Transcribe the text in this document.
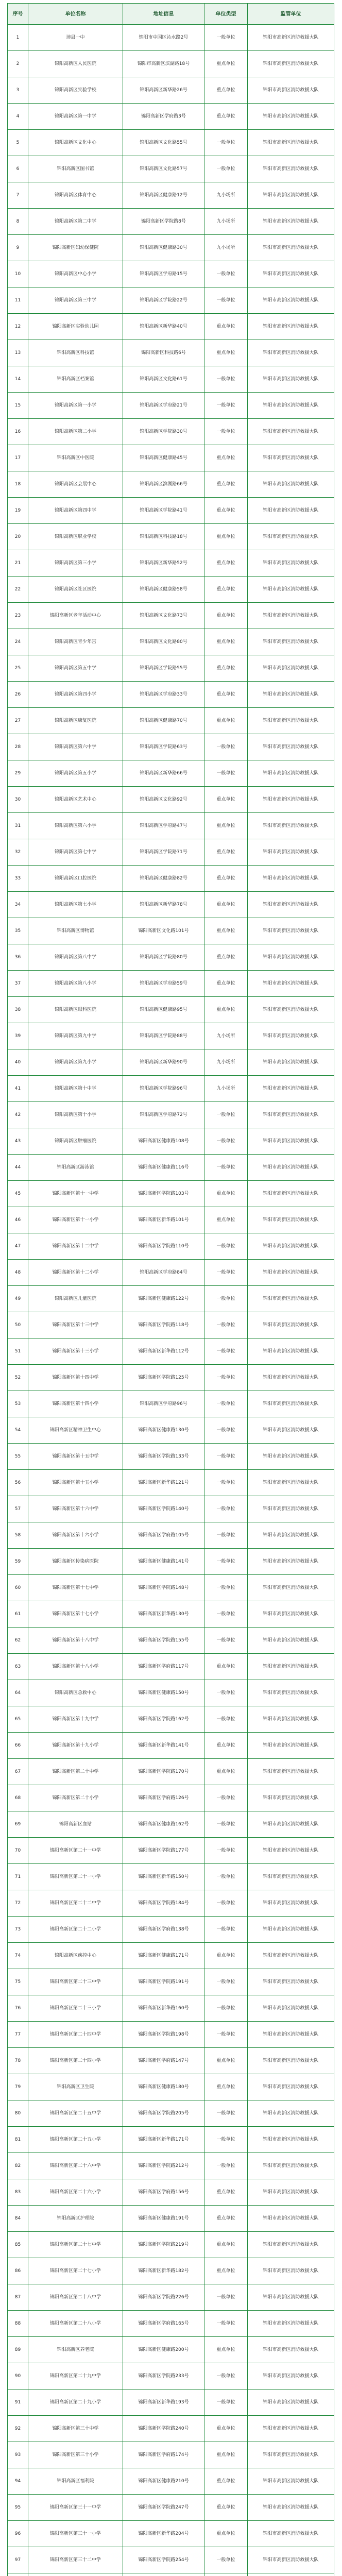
序号	单位名称	地址信息	单位类型	监管单位
1	沛县一中	锦阳市中国区沁水路2号	一般单位	锦阳市高新区消防救援大队
2	锦阳高新区人民医院	锦阳市高新区滨湖路18号	重点单位	锦阳市高新区消防救援大队
3	锦阳高新区实验学校	锦阳高新区新华路26号	重点单位	锦阳市高新区消防救援大队
4	锦阳高新区第一中学	锦阳高新区学府路3号	重点单位	锦阳市高新区消防救援大队
5	锦阳高新区文化中心	锦阳高新区文化路55号	一般单位	锦阳市高新区消防救援大队
6	锦阳高新区图书馆	锦阳高新区文化路57号	一般单位	锦阳市高新区消防救援大队
7	锦阳高新区体育中心	锦阳高新区健康路12号	九小场所	锦阳市高新区消防救援大队
8	锦阳高新区第二中学	锦阳高新区学院路8号	九小场所	锦阳市高新区消防救援大队
9	锦阳高新区妇幼保健院	锦阳高新区健康路30号	九小场所	锦阳市高新区消防救援大队
10	锦阳高新区中心小学	锦阳高新区学府路15号	一般单位	锦阳市高新区消防救援大队
11	锦阳高新区第三中学	锦阳高新区学院路22号	一般单位	锦阳市高新区消防救援大队
12	锦阳高新区实验幼儿园	锦阳高新区新华路40号	重点单位	锦阳市高新区消防救援大队
13	锦阳高新区科技馆	锦阳高新区科技路6号	重点单位	锦阳市高新区消防救援大队
14	锦阳高新区档案馆	锦阳高新区文化路61号	一般单位	锦阳市高新区消防救援大队
15	锦阳高新区第一小学	锦阳高新区学府路21号	一般单位	锦阳市高新区消防救援大队
16	锦阳高新区第二小学	锦阳高新区学院路30号	一般单位	锦阳市高新区消防救援大队
17	锦阳高新区中医院	锦阳高新区健康路45号	重点单位	锦阳市高新区消防救援大队
18	锦阳高新区会展中心	锦阳高新区滨湖路66号	重点单位	锦阳市高新区消防救援大队
19	锦阳高新区第四中学	锦阳高新区学院路41号	重点单位	锦阳市高新区消防救援大队
20	锦阳高新区职业学校	锦阳高新区科技路18号	重点单位	锦阳市高新区消防救援大队
21	锦阳高新区第三小学	锦阳高新区新华路52号	重点单位	锦阳市高新区消防救援大队
22	锦阳高新区社区医院	锦阳高新区健康路58号	重点单位	锦阳市高新区消防救援大队
23	锦阳高新区老年活动中心	锦阳高新区文化路73号	重点单位	锦阳市高新区消防救援大队
24	锦阳高新区青少年宫	锦阳高新区文化路80号	重点单位	锦阳市高新区消防救援大队
25	锦阳高新区第五中学	锦阳高新区学院路55号	重点单位	锦阳市高新区消防救援大队
26	锦阳高新区第四小学	锦阳高新区学府路33号	重点单位	锦阳市高新区消防救援大队
27	锦阳高新区康复医院	锦阳高新区健康路70号	重点单位	锦阳市高新区消防救援大队
28	锦阳高新区第六中学	锦阳高新区学院路63号	一般单位	锦阳市高新区消防救援大队
29	锦阳高新区第五小学	锦阳高新区新华路66号	一般单位	锦阳市高新区消防救援大队
30	锦阳高新区艺术中心	锦阳高新区文化路92号	重点单位	锦阳市高新区消防救援大队
31	锦阳高新区第六小学	锦阳高新区学府路47号	重点单位	锦阳市高新区消防救援大队
32	锦阳高新区第七中学	锦阳高新区学院路71号	重点单位	锦阳市高新区消防救援大队
33	锦阳高新区口腔医院	锦阳高新区健康路82号	重点单位	锦阳市高新区消防救援大队
34	锦阳高新区第七小学	锦阳高新区新华路78号	重点单位	锦阳市高新区消防救援大队
35	锦阳高新区博物馆	锦阳高新区文化路101号	重点单位	锦阳市高新区消防救援大队
36	锦阳高新区第八中学	锦阳高新区学院路80号	重点单位	锦阳市高新区消防救援大队
37	锦阳高新区第八小学	锦阳高新区学府路59号	重点单位	锦阳市高新区消防救援大队
38	锦阳高新区眼科医院	锦阳高新区健康路95号	重点单位	锦阳市高新区消防救援大队
39	锦阳高新区第九中学	锦阳高新区学院路88号	九小场所	锦阳市高新区消防救援大队
40	锦阳高新区第九小学	锦阳高新区新华路90号	九小场所	锦阳市高新区消防救援大队
41	锦阳高新区第十中学	锦阳高新区学院路96号	九小场所	锦阳市高新区消防救援大队
42	锦阳高新区第十小学	锦阳高新区学府路72号	一般单位	锦阳市高新区消防救援大队
43	锦阳高新区肿瘤医院	锦阳高新区健康路108号	一般单位	锦阳市高新区消防救援大队
44	锦阳高新区游泳馆	锦阳高新区健康路116号	一般单位	锦阳市高新区消防救援大队
45	锦阳高新区第十一中学	锦阳高新区学院路103号	重点单位	锦阳市高新区消防救援大队
46	锦阳高新区第十一小学	锦阳高新区新华路101号	重点单位	锦阳市高新区消防救援大队
47	锦阳高新区第十二中学	锦阳高新区学院路110号	一般单位	锦阳市高新区消防救援大队
48	锦阳高新区第十二小学	锦阳高新区学府路84号	一般单位	锦阳市高新区消防救援大队
49	锦阳高新区儿童医院	锦阳高新区健康路122号	一般单位	锦阳市高新区消防救援大队
50	锦阳高新区第十三中学	锦阳高新区学院路118号	一般单位	锦阳市高新区消防救援大队
51	锦阳高新区第十三小学	锦阳高新区新华路112号	一般单位	锦阳市高新区消防救援大队
52	锦阳高新区第十四中学	锦阳高新区学院路125号	一般单位	锦阳市高新区消防救援大队
53	锦阳高新区第十四小学	锦阳高新区学府路96号	一般单位	锦阳市高新区消防救援大队
54	锦阳高新区精神卫生中心	锦阳高新区健康路130号	一般单位	锦阳市高新区消防救援大队
55	锦阳高新区第十五中学	锦阳高新区学院路133号	一般单位	锦阳市高新区消防救援大队
56	锦阳高新区第十五小学	锦阳高新区新华路121号	一般单位	锦阳市高新区消防救援大队
57	锦阳高新区第十六中学	锦阳高新区学院路140号	一般单位	锦阳市高新区消防救援大队
58	锦阳高新区第十六小学	锦阳高新区学府路105号	一般单位	锦阳市高新区消防救援大队
59	锦阳高新区传染病医院	锦阳高新区健康路141号	一般单位	锦阳市高新区消防救援大队
60	锦阳高新区第十七中学	锦阳高新区学院路148号	一般单位	锦阳市高新区消防救援大队
61	锦阳高新区第十七小学	锦阳高新区新华路130号	一般单位	锦阳市高新区消防救援大队
62	锦阳高新区第十八中学	锦阳高新区学院路155号	一般单位	锦阳市高新区消防救援大队
63	锦阳高新区第十八小学	锦阳高新区学府路117号	重点单位	锦阳市高新区消防救援大队
64	锦阳高新区急救中心	锦阳高新区健康路150号	一般单位	锦阳市高新区消防救援大队
65	锦阳高新区第十九中学	锦阳高新区学院路162号	一般单位	锦阳市高新区消防救援大队
66	锦阳高新区第十九小学	锦阳高新区新华路141号	重点单位	锦阳市高新区消防救援大队
67	锦阳高新区第二十中学	锦阳高新区学院路170号	重点单位	锦阳市高新区消防救援大队
68	锦阳高新区第二十小学	锦阳高新区学府路126号	一般单位	锦阳市高新区消防救援大队
69	锦阳高新区血站	锦阳高新区健康路162号	一般单位	锦阳市高新区消防救援大队
70	锦阳高新区第二十一中学	锦阳高新区学院路177号	一般单位	锦阳市高新区消防救援大队
71	锦阳高新区第二十一小学	锦阳高新区新华路150号	一般单位	锦阳市高新区消防救援大队
72	锦阳高新区第二十二中学	锦阳高新区学院路184号	一般单位	锦阳市高新区消防救援大队
73	锦阳高新区第二十二小学	锦阳高新区学府路138号	一般单位	锦阳市高新区消防救援大队
74	锦阳高新区疾控中心	锦阳高新区健康路171号	重点单位	锦阳市高新区消防救援大队
75	锦阳高新区第二十三中学	锦阳高新区学院路191号	一般单位	锦阳市高新区消防救援大队
76	锦阳高新区第二十三小学	锦阳高新区新华路160号	一般单位	锦阳市高新区消防救援大队
77	锦阳高新区第二十四中学	锦阳高新区学院路198号	一般单位	锦阳市高新区消防救援大队
78	锦阳高新区第二十四小学	锦阳高新区学府路147号	重点单位	锦阳市高新区消防救援大队
79	锦阳高新区卫生院	锦阳高新区健康路180号	重点单位	锦阳市高新区消防救援大队
80	锦阳高新区第二十五中学	锦阳高新区学院路205号	一般单位	锦阳市高新区消防救援大队
81	锦阳高新区第二十五小学	锦阳高新区新华路171号	一般单位	锦阳市高新区消防救援大队
82	锦阳高新区第二十六中学	锦阳高新区学院路212号	一般单位	锦阳市高新区消防救援大队
83	锦阳高新区第二十六小学	锦阳高新区学府路156号	重点单位	锦阳市高新区消防救援大队
84	锦阳高新区护理院	锦阳高新区健康路191号	重点单位	锦阳市高新区消防救援大队
85	锦阳高新区第二十七中学	锦阳高新区学院路219号	重点单位	锦阳市高新区消防救援大队
86	锦阳高新区第二十七小学	锦阳高新区新华路182号	重点单位	锦阳市高新区消防救援大队
87	锦阳高新区第二十八中学	锦阳高新区学院路226号	一般单位	锦阳市高新区消防救援大队
88	锦阳高新区第二十八小学	锦阳高新区学府路165号	一般单位	锦阳市高新区消防救援大队
89	锦阳高新区养老院	锦阳高新区健康路200号	重点单位	锦阳市高新区消防救援大队
90	锦阳高新区第二十九中学	锦阳高新区学院路233号	一般单位	锦阳市高新区消防救援大队
91	锦阳高新区第二十九小学	锦阳高新区新华路193号	一般单位	锦阳市高新区消防救援大队
92	锦阳高新区第三十中学	锦阳高新区学院路240号	重点单位	锦阳市高新区消防救援大队
93	锦阳高新区第三十小学	锦阳高新区学府路174号	重点单位	锦阳市高新区消防救援大队
94	锦阳高新区福利院	锦阳高新区健康路210号	重点单位	锦阳市高新区消防救援大队
95	锦阳高新区第三十一中学	锦阳高新区学院路247号	重点单位	锦阳市高新区消防救援大队
96	锦阳高新区第三十一小学	锦阳高新区新华路204号	重点单位	锦阳市高新区消防救援大队
97	锦阳高新区第三十二中学	锦阳高新区学院路254号	一般单位	锦阳市高新区消防救援大队
